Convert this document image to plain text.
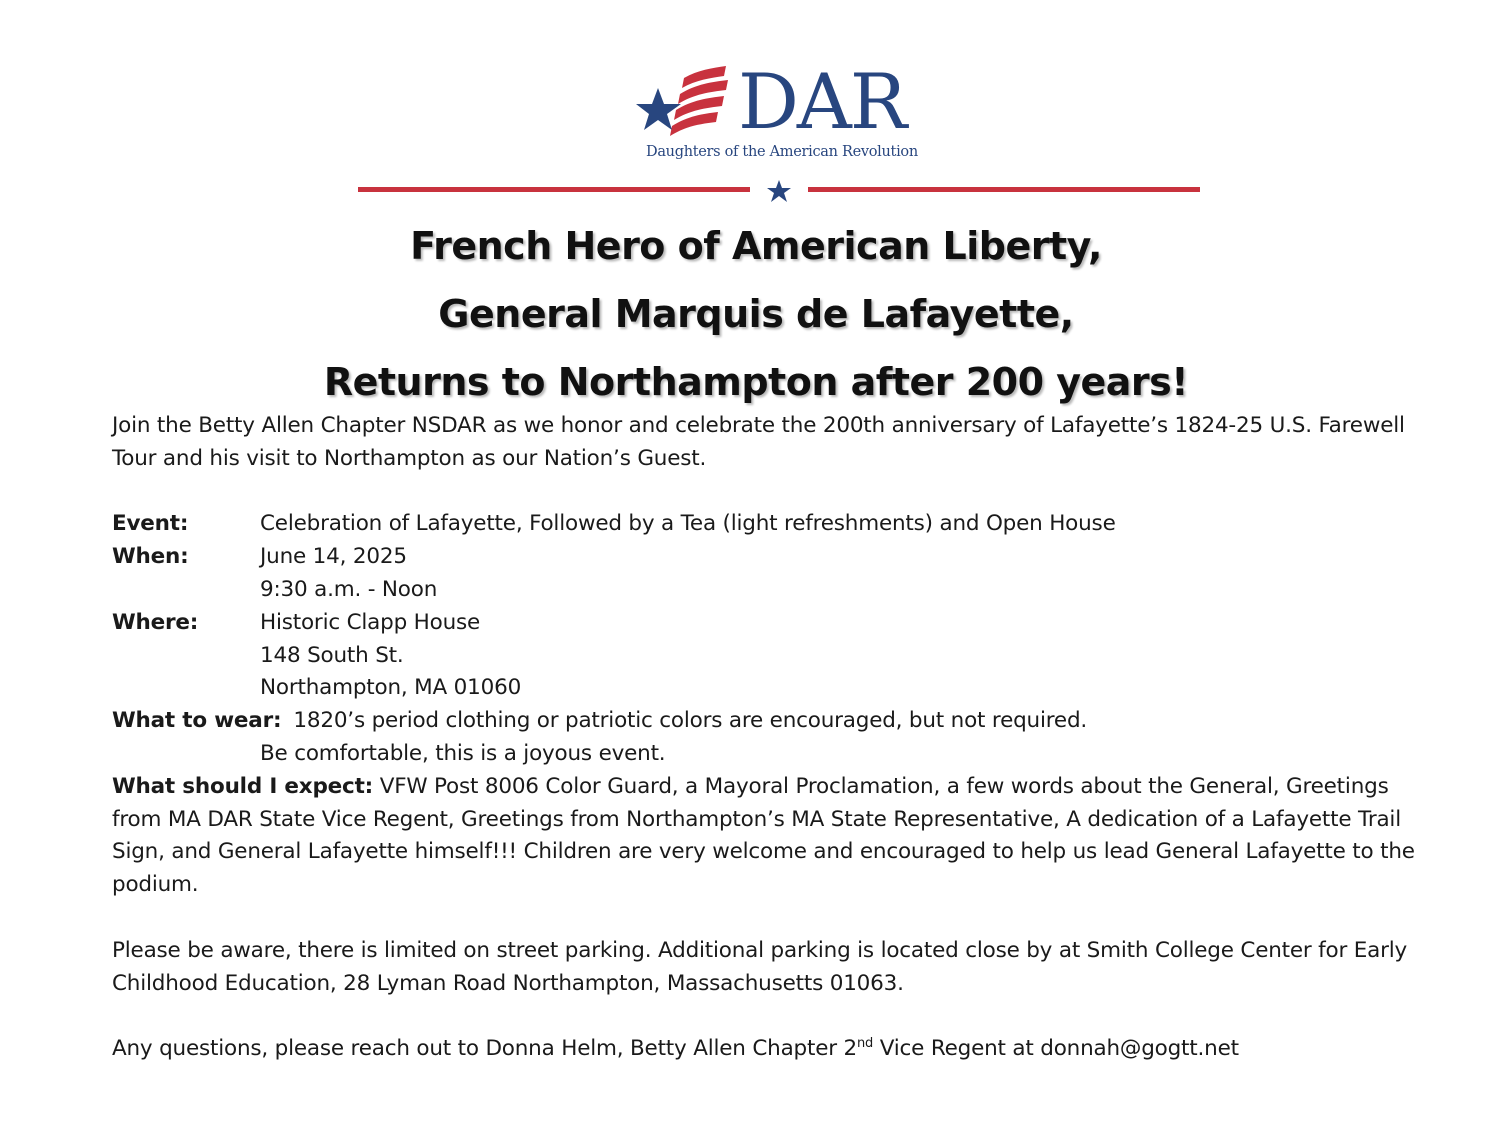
DAR
Daughters of the American Revolution
French Hero of American Liberty,
General Marquis de Lafayette,
Returns to Northampton after 200 years!

Join the Betty Allen Chapter NSDAR as we honor and celebrate the 200th anniversary of Lafayette’s 1824-25 U.S. Farewell Tour and his visit to Northampton as our Nation’s Guest.

Event:	Celebration of Lafayette, Followed by a Tea (light refreshments) and Open House
When:	June 14, 2025
9:30 a.m. - Noon
Where:	Historic Clapp House
148 South St.
Northampton, MA 01060
What to wear: 1820’s period clothing or patriotic colors are encouraged, but not required.
Be comfortable, this is a joyous event.

What should I expect: VFW Post 8006 Color Guard, a Mayoral Proclamation, a few words about the General, Greetings from MA DAR State Vice Regent, Greetings from Northampton’s MA State Representative, A dedication of a Lafayette Trail Sign, and General Lafayette himself!!! Children are very welcome and encouraged to help us lead General Lafayette to the podium.

Please be aware, there is limited on street parking. Additional parking is located close by at Smith College Center for Early Childhood Education, 28 Lyman Road Northampton, Massachusetts 01063.

Any questions, please reach out to Donna Helm, Betty Allen Chapter 2nd Vice Regent at donnah@gogtt.net
